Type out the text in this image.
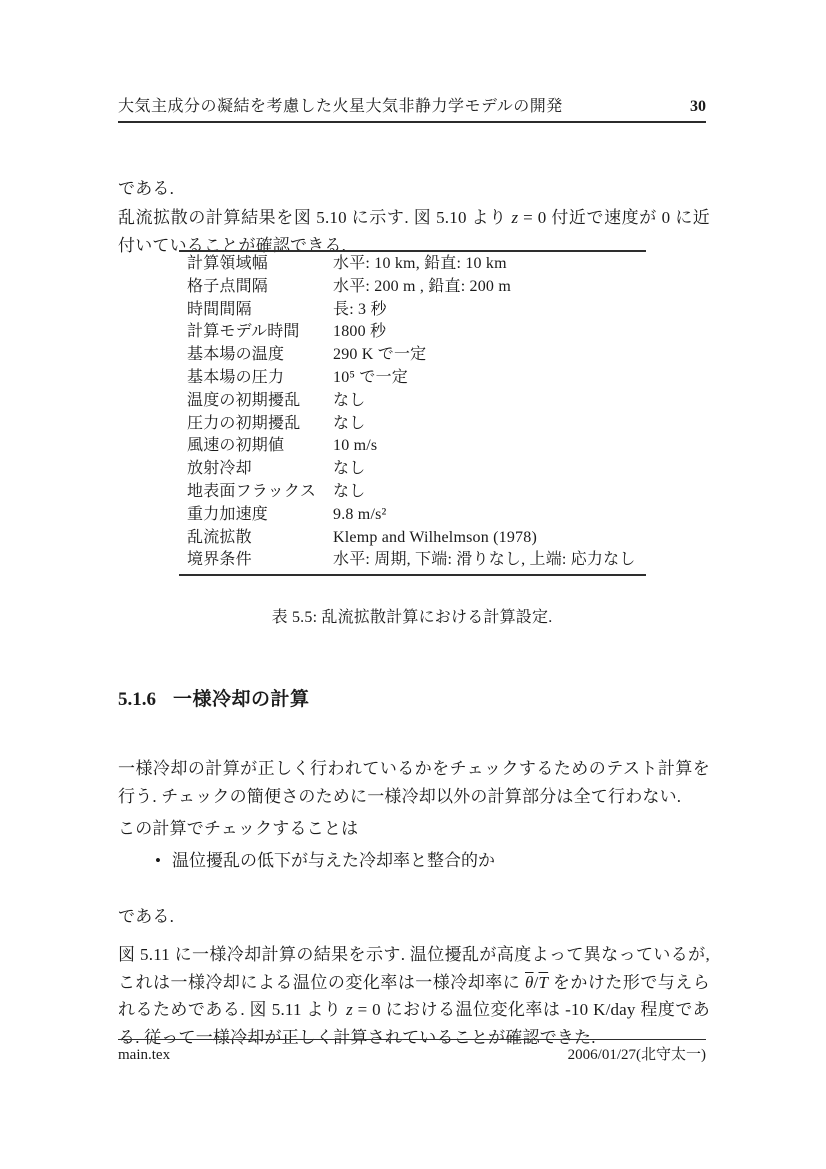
大気主成分の凝結を考慮した火星大気非静力学モデルの開発	30

である.

乱流拡散の計算結果を図 5.10 に示す. 図 5.10 より z = 0 付近で速度が 0 に近付いていることが確認できる.

計算領域幅	水平: 10 km, 鉛直: 10 km
格子点間隔	水平: 200 m , 鉛直: 200 m
時間間隔	長: 3 秒
計算モデル時間	1800 秒
基本場の温度	290 K で一定
基本場の圧力	10⁵ で一定
温度の初期擾乱	なし
圧力の初期擾乱	なし
風速の初期値	10 m/s
放射冷却	なし
地表面フラックス	なし
重力加速度	9.8 m/s²
乱流拡散	Klemp and Wilhelmson (1978)
境界条件	水平: 周期, 下端: 滑りなし, 上端: 応力なし
表 5.5: 乱流拡散計算における計算設定.
5.1.6 一様冷却の計算

一様冷却の計算が正しく行われているかをチェックするためのテスト計算を行う. チェックの簡便さのために一様冷却以外の計算部分は全て行わない.

この計算でチェックすることは

• 温位擾乱の低下が与えた冷却率と整合的か

である.

図 5.11 に一様冷却計算の結果を示す. 温位擾乱が高度よって異なっているが, これは一様冷却による温位の変化率は一様冷却率に $\overline{\theta}/\overline{T}$ をかけた形で与えられるためである. 図 5.11 より z = 0 における温位変化率は -10 K/day 程度である. 従って一様冷却が正しく計算されていることが確認できた.

main.tex	2006/01/27(北守太一)
